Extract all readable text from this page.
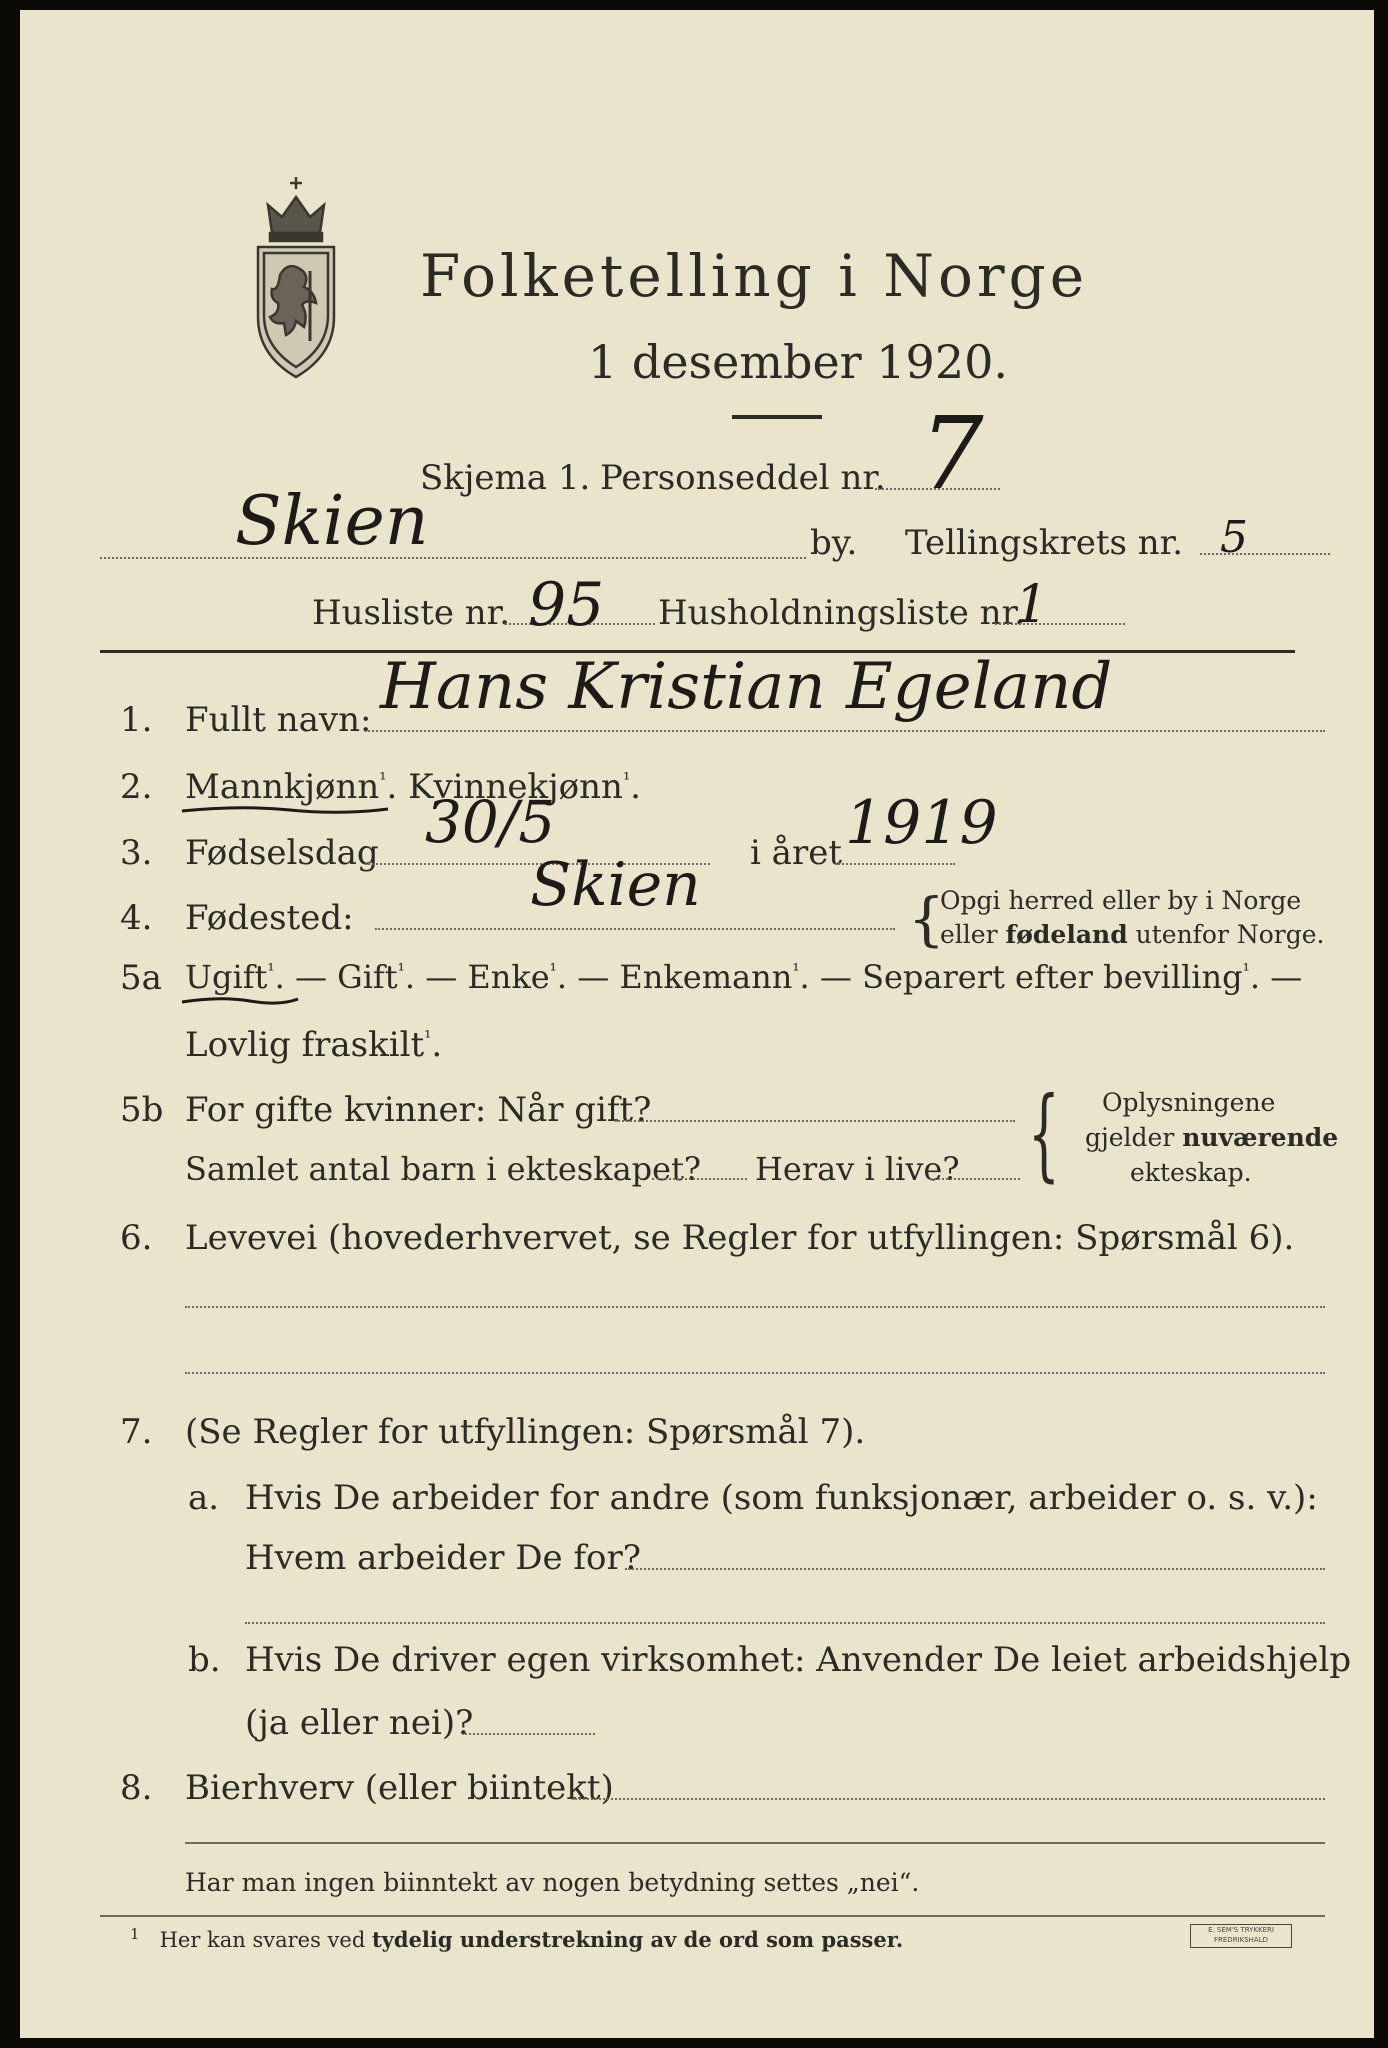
Folketelling i Norge
1 desember 1920.
Skjema 1. Personseddel nr. 7
Skien	by. Tellingskrets nr. 5
Husliste nr. 95 Husholdningsliste nr.
1
1. Fullt navn: Hans Kristian Egeland
2. Mannkjønn$^{^1}$. Kvinnekjønn$^{^1}$.
3. Fødselsdag 30/5	i året 1919
4. Fødested:	Skien	{
Opgi herred eller by i Norge
eller fødeland utenfor Norge.
5a Ugift$^{^1}$. — Gift$^{^1}$. — Enke$^{^1}$. — Enkemann$^{^1}$. — Separert efter bevilling$^{^1}$. —
Lovlig fraskilt$^{^1}$.
5b For gifte kvinner: Når gift?
Samlet antal barn i ekteskapet? Herav i live? { Oplysningene
gjelder nuværende
ekteskap.
6. Levevei (hovederhvervet, se Regler for utfyllingen: Spørsmål 6).
7. (Se Regler for utfyllingen: Spørsmål 7).
a. Hvis De arbeider for andre (som funksjonær, arbeider o. s. v.):
Hvem arbeider De for?
b. Hvis De driver egen virksomhet: Anvender De leiet arbeidshjelp
(ja eller nei)?
8. Bierhverv (eller biintekt)
Har man ingen biinntekt av nogen betydning settes „nei“.
$^1$ Her kan svares ved tydelig understrekning av de ord som passer.	E. SEM'S TRYKKERI
FREDRIKSHALD
